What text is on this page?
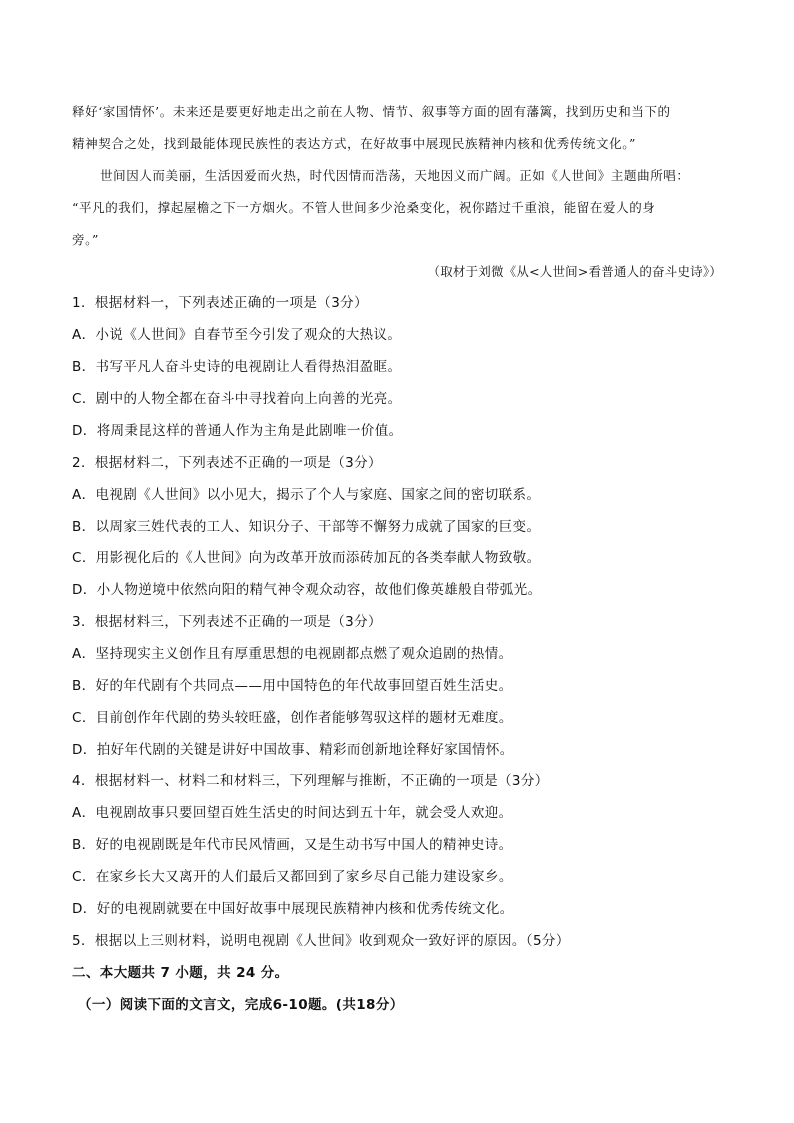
释好‘家国情怀’。未来还是要更好地走出之前在人物、情节、叙事等方面的固有藩篱，找到历史和当下的
精神契合之处，找到最能体现民族性的表达方式，在好故事中展现民族精神内核和优秀传统文化。”
世间因人而美丽，生活因爱而火热，时代因情而浩荡，天地因义而广阔。正如《人世间》主题曲所唱：
“平凡的我们，撑起屋檐之下一方烟火。不管人世间多少沧桑变化，祝你踏过千重浪，能留在爱人的身
旁。”
（取材于刘微《从<人世间>看普通人的奋斗史诗》）
1．根据材料一，下列表述正确的一项是（3分）
A．小说《人世间》自春节至今引发了观众的大热议。
B．书写平凡人奋斗史诗的电视剧让人看得热泪盈眶。
C．剧中的人物全都在奋斗中寻找着向上向善的光亮。
D．将周秉昆这样的普通人作为主角是此剧唯一价值。
2．根据材料二，下列表述不正确的一项是（3分）
A．电视剧《人世间》以小见大，揭示了个人与家庭、国家之间的密切联系。
B．以周家三姓代表的工人、知识分子、干部等不懈努力成就了国家的巨变。
C．用影视化后的《人世间》向为改革开放而添砖加瓦的各类奉献人物致敬。
D．小人物逆境中依然向阳的精气神令观众动容，故他们像英雄般自带弧光。
3．根据材料三，下列表述不正确的一项是（3分）
A．坚持现实主义创作且有厚重思想的电视剧都点燃了观众追剧的热情。
B．好的年代剧有个共同点——用中国特色的年代故事回望百姓生活史。
C．目前创作年代剧的势头较旺盛，创作者能够驾驭这样的题材无难度。
D．拍好年代剧的关键是讲好中国故事、精彩而创新地诠释好家国情怀。
4．根据材料一、材料二和材料三，下列理解与推断，不正确的一项是（3分）
A．电视剧故事只要回望百姓生活史的时间达到五十年，就会受人欢迎。
B．好的电视剧既是年代市民风情画，又是生动书写中国人的精神史诗。
C．在家乡长大又离开的人们最后又都回到了家乡尽自己能力建设家乡。
D．好的电视剧就要在中国好故事中展现民族精神内核和优秀传统文化。
5．根据以上三则材料，说明电视剧《人世间》收到观众一致好评的原因。（5分）
二、本大题共 7 小题，共 24 分。
（一）阅读下面的文言文，完成6-10题。(共18分）
